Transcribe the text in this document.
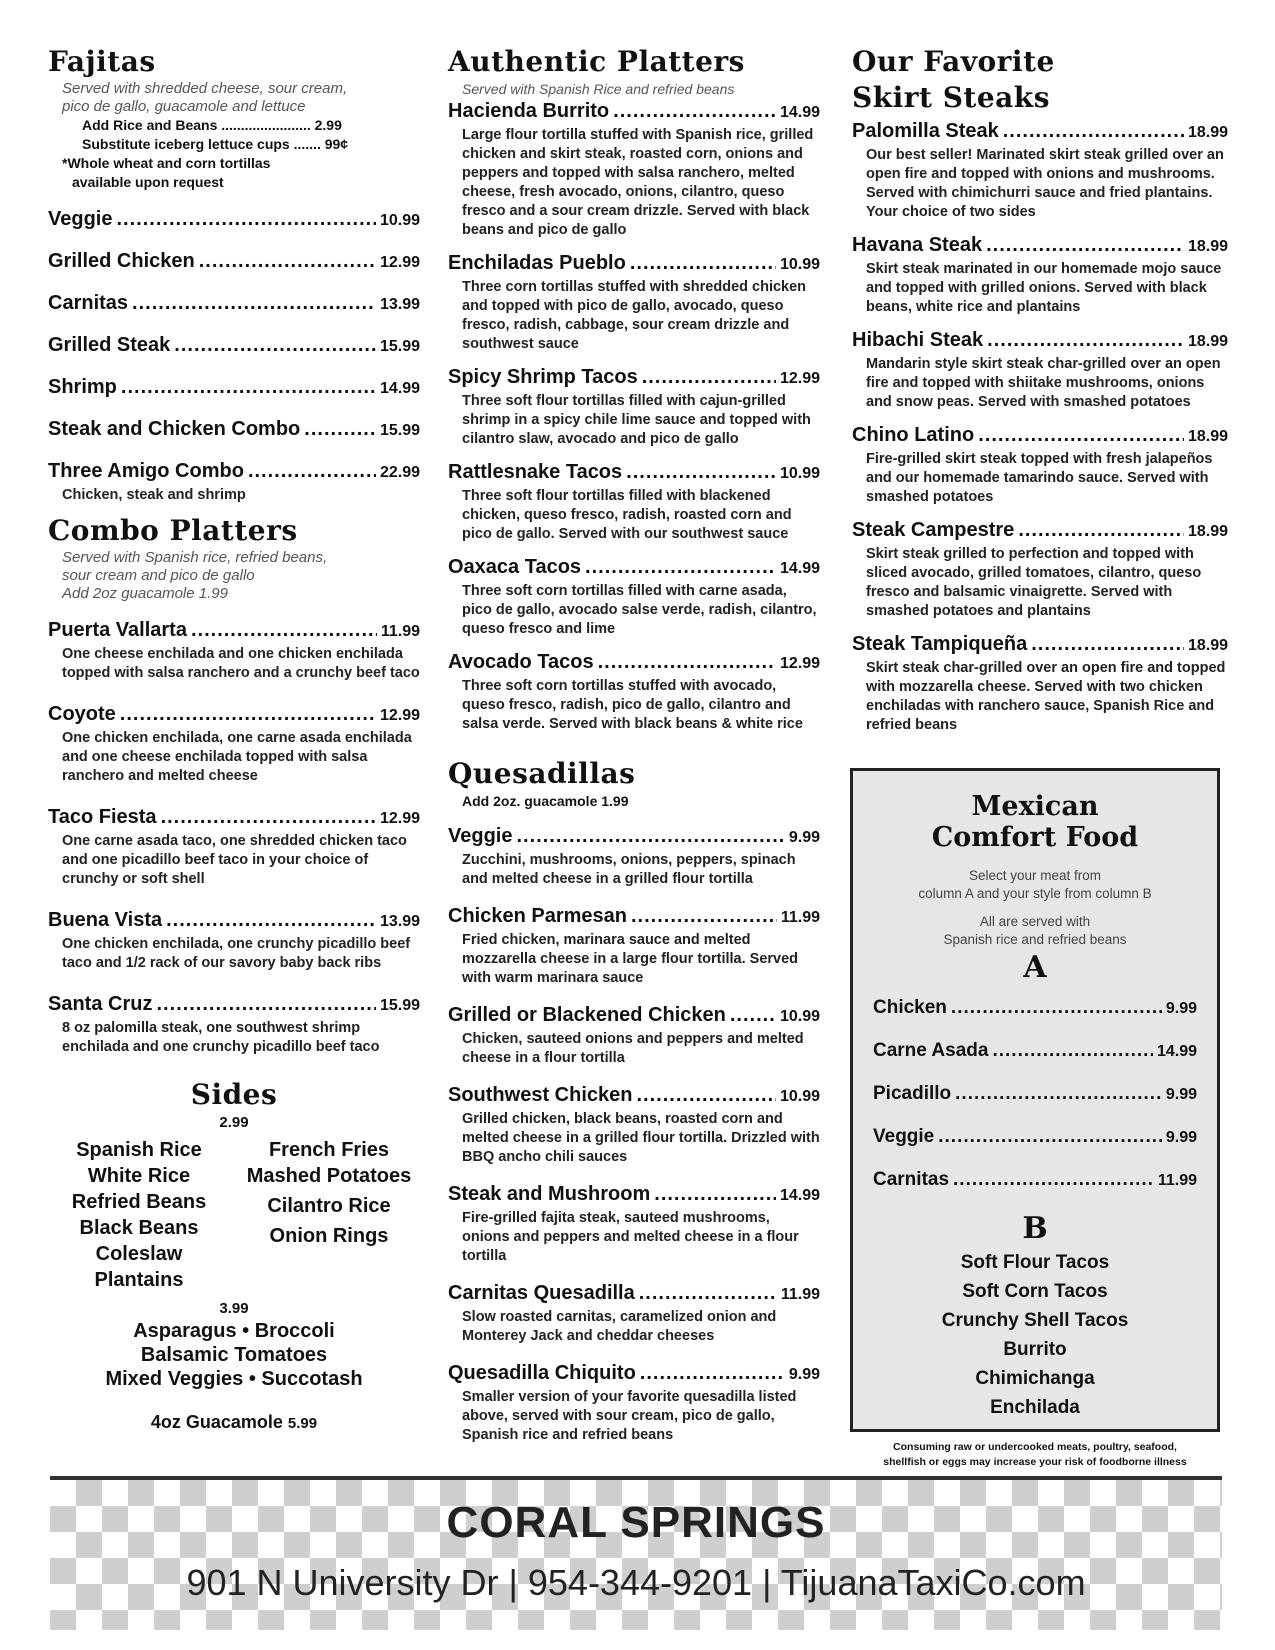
Fajitas
Served with shredded cheese, sour cream,
pico de gallo, guacamole and lettuce
Add Rice and Beans ....................... 2.99
Substitute iceberg lettuce cups ....... 99¢
*Whole wheat and corn tortillas
available upon request
Veggie .....	10.99
Grilled Chicken .....	12.99
Carnitas .....	13.99
Grilled Steak .....	15.99
Shrimp .....	14.99
Steak and Chicken Combo .....	15.99
Three Amigo Combo .....	22.99
Chicken, steak and shrimp
Combo Platters
Served with Spanish rice, refried beans,
sour cream and pico de gallo
Add 2oz guacamole 1.99
Puerta Vallarta .....	11.99
One cheese enchilada and one chicken enchilada topped with salsa ranchero and a crunchy beef taco
Coyote .....	12.99
One chicken enchilada, one carne asada enchilada and one cheese enchilada topped with salsa ranchero and melted cheese
Taco Fiesta .....	12.99
One carne asada taco, one shredded chicken taco and one picadillo beef taco in your choice of crunchy or soft shell
Buena Vista .....	13.99
One chicken enchilada, one crunchy picadillo beef taco and 1/2 rack of our savory baby back ribs
Santa Cruz .....	15.99
8 oz palomilla steak, one southwest shrimp enchilada and one crunchy picadillo beef taco
Sides
2.99
Spanish Rice
White Rice
Refried Beans
Black Beans
Coleslaw
Plantains
French Fries
Mashed Potatoes
Cilantro Rice
Onion Rings
3.99
Asparagus • Broccoli
Balsamic Tomatoes
Mixed Veggies • Succotash
4oz Guacamole 5.99
Authentic Platters
Served with Spanish Rice and refried beans
Hacienda Burrito .....	14.99
Large flour tortilla stuffed with Spanish rice, grilled chicken and skirt steak, roasted corn, onions and peppers and topped with salsa ranchero, melted cheese, fresh avocado, onions, cilantro, queso fresco and a sour cream drizzle. Served with black beans and pico de gallo
Enchiladas Pueblo .....	10.99
Three corn tortillas stuffed with shredded chicken and topped with pico de gallo, avocado, queso fresco, radish, cabbage, sour cream drizzle and southwest sauce
Spicy Shrimp Tacos .....	12.99
Three soft flour tortillas filled with cajun-grilled shrimp in a spicy chile lime sauce and topped with cilantro slaw, avocado and pico de gallo
Rattlesnake Tacos .....	10.99
Three soft flour tortillas filled with blackened chicken, queso fresco, radish, roasted corn and pico de gallo. Served with our southwest sauce
Oaxaca Tacos .....	14.99
Three soft corn tortillas filled with carne asada, pico de gallo, avocado salse verde, radish, cilantro, queso fresco and lime
Avocado Tacos .....	12.99
Three soft corn tortillas stuffed with avocado, queso fresco, radish, pico de gallo, cilantro and salsa verde. Served with black beans & white rice
Quesadillas
Add 2oz. guacamole 1.99
Veggie .....	9.99
Zucchini, mushrooms, onions, peppers, spinach and melted cheese in a grilled flour tortilla
Chicken Parmesan .....	11.99
Fried chicken, marinara sauce and melted mozzarella cheese in a large flour tortilla. Served with warm marinara sauce
Grilled or Blackened Chicken .....	10.99
Chicken, sauteed onions and peppers and melted cheese in a flour tortilla
Southwest Chicken .....	10.99
Grilled chicken, black beans, roasted corn and melted cheese in a grilled flour tortilla. Drizzled with BBQ ancho chili sauces
Steak and Mushroom .....	14.99
Fire-grilled fajita steak, sauteed mushrooms, onions and peppers and melted cheese in a flour tortilla
Carnitas Quesadilla .....	11.99
Slow roasted carnitas, caramelized onion and Monterey Jack and cheddar cheeses
Quesadilla Chiquito .....	9.99
Smaller version of your favorite quesadilla listed above, served with sour cream, pico de gallo, Spanish rice and refried beans
Our Favorite
Skirt Steaks
Palomilla Steak .....	18.99
Our best seller! Marinated skirt steak grilled over an open fire and topped with onions and mushrooms. Served with chimichurri sauce and fried plantains. Your choice of two sides
Havana Steak .....	18.99
Skirt steak marinated in our homemade mojo sauce and topped with grilled onions. Served with black beans, white rice and plantains
Hibachi Steak .....	18.99
Mandarin style skirt steak char-grilled over an open fire and topped with shiitake mushrooms, onions and snow peas. Served with smashed potatoes
Chino Latino .....	18.99
Fire-grilled skirt steak topped with fresh jalapeños and our homemade tamarindo sauce. Served with smashed potatoes
Steak Campestre .....	18.99
Skirt steak grilled to perfection and topped with sliced avocado, grilled tomatoes, cilantro, queso fresco and balsamic vinaigrette. Served with smashed potatoes and plantains
Steak Tampiqueña .....	18.99
Skirt steak char-grilled over an open fire and topped with mozzarella cheese. Served with two chicken enchiladas with ranchero sauce, Spanish Rice and refried beans
Mexican
Comfort Food
Select your meat from
column A and your style from column B
All are served with
Spanish rice and refried beans
A
Chicken .....	9.99
Carne Asada .....	14.99
Picadillo .....	9.99
Veggie .....	9.99
Carnitas .....	11.99
B
Soft Flour Tacos
Soft Corn Tacos
Crunchy Shell Tacos
Burrito
Chimichanga
Enchilada
Consuming raw or undercooked meats, poultry, seafood,
shellfish or eggs may increase your risk of foodborne illness
CORAL SPRINGS
901 N University Dr | 954-344-9201 | TijuanaTaxiCo.com
